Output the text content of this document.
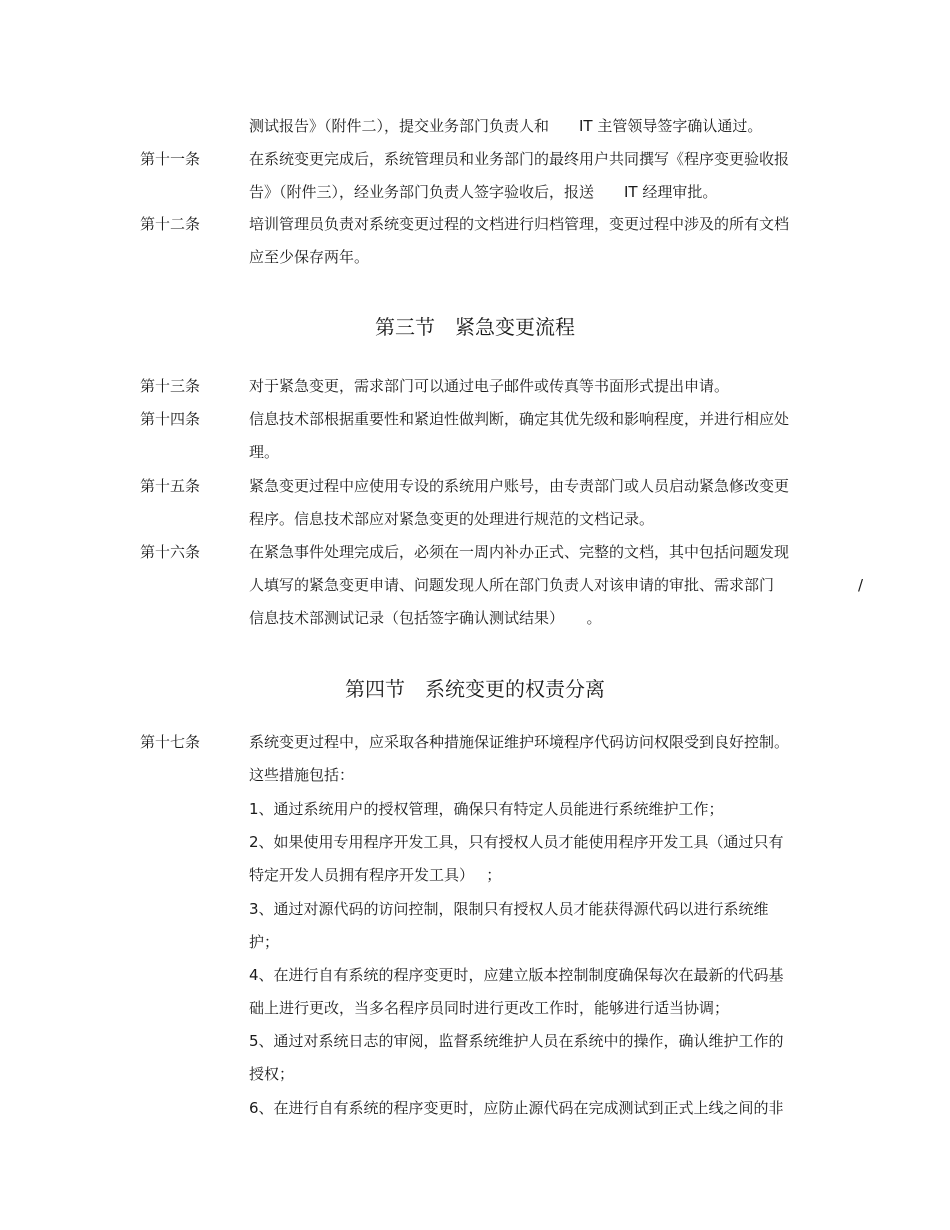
测试报告》（附件二），提交业务部门负责人和　　IT 主管领导签字确认通过。
第十一条	在系统变更完成后，系统管理员和业务部门的最终用户共同撰写《程序变更验收报
告》（附件三），经业务部门负责人签字验收后，报送　　IT 经理审批。
第十二条	培训管理员负责对系统变更过程的文档进行归档管理，变更过程中涉及的所有文档
应至少保存两年。
第三节　紧急变更流程
第十三条	对于紧急变更，需求部门可以通过电子邮件或传真等书面形式提出申请。
第十四条	信息技术部根据重要性和紧迫性做判断，确定其优先级和影响程度，并进行相应处
理。
第十五条	紧急变更过程中应使用专设的系统用户账号，由专责部门或人员启动紧急修改变更
程序。信息技术部应对紧急变更的处理进行规范的文档记录。
第十六条	在紧急事件处理完成后，必须在一周内补办正式、完整的文档，其中包括问题发现
人填写的紧急变更申请、问题发现人所在部门负责人对该申请的审批、需求部门	/
信息技术部测试记录（包括签字确认测试结果）　　。
第四节　系统变更的权责分离
第十七条	系统变更过程中，应采取各种措施保证维护环境程序代码访问权限受到良好控制。
这些措施包括：
1、通过系统用户的授权管理，确保只有特定人员能进行系统维护工作；
2、如果使用专用程序开发工具，只有授权人员才能使用程序开发工具（通过只有
特定开发人员拥有程序开发工具）　 ；
3、通过对源代码的访问控制，限制只有授权人员才能获得源代码以进行系统维
护；
4、在进行自有系统的程序变更时，应建立版本控制制度确保每次在最新的代码基
础上进行更改，当多名程序员同时进行更改工作时，能够进行适当协调；
5、通过对系统日志的审阅，监督系统维护人员在系统中的操作，确认维护工作的
授权；
6、在进行自有系统的程序变更时，应防止源代码在完成测试到正式上线之间的非
